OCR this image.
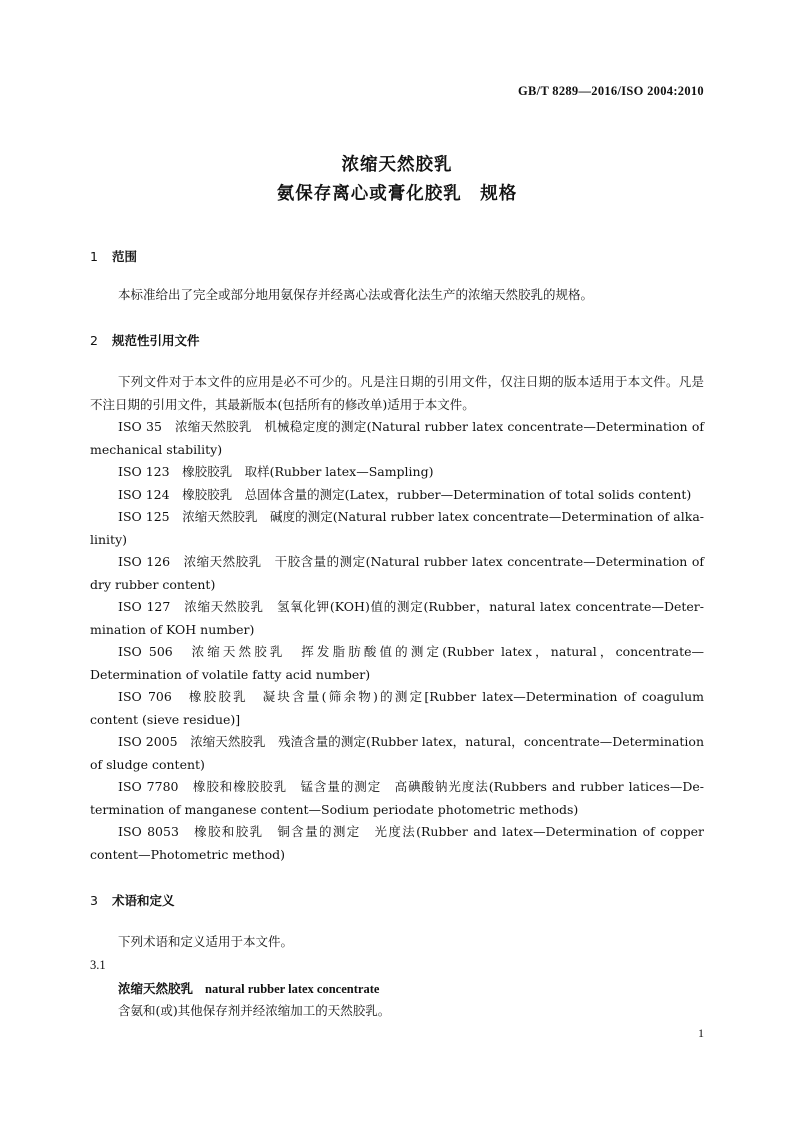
GB/T 8289—2016/ISO 2004:2010
浓缩天然胶乳
氨保存离心或膏化胶乳　规格
1 范围
本标准给出了完全或部分地用氨保存并经离心法或膏化法生产的浓缩天然胶乳的规格。
2 规范性引用文件
下列文件对于本文件的应用是必不可少的。凡是注日期的引用文件，仅注日期的版本适用于本文件。凡是不注日期的引用文件，其最新版本(包括所有的修改单)适用于本文件。
ISO 35　浓缩天然胶乳　机械稳定度的测定(Natural rubber latex concentrate—Determination of mechanical stability)
ISO 123　橡胶胶乳　取样(Rubber latex—Sampling)
ISO 124　橡胶胶乳　总固体含量的测定(Latex，rubber—Determination of total solids content)
ISO 125　浓缩天然胶乳　碱度的测定(Natural rubber latex concentrate—Determination of alka-linity)
ISO 126　浓缩天然胶乳　干胶含量的测定(Natural rubber latex concentrate—Determination of dry rubber content)
ISO 127　浓缩天然胶乳　氢氧化钾(KOH)值的测定(Rubber，natural latex concentrate—Deter-mination of KOH number)
ISO 506　浓缩天然胶乳　挥发脂肪酸值的测定(Rubber latex，natural，concentrate—Determination of volatile fatty acid number)
ISO 706　橡胶胶乳　凝块含量(筛余物)的测定[Rubber latex—Determination of coagulum content (sieve residue)]
ISO 2005　浓缩天然胶乳　残渣含量的测定(Rubber latex，natural，concentrate—Determination of sludge content)
ISO 7780　橡胶和橡胶胶乳　锰含量的测定　高碘酸钠光度法(Rubbers and rubber latices—De-termination of manganese content—Sodium periodate photometric methods)
ISO 8053　橡胶和胶乳　铜含量的测定　光度法(Rubber and latex—Determination of copper content—Photometric method)
3 术语和定义
下列术语和定义适用于本文件。
3.1
浓缩天然胶乳 natural rubber latex concentrate
含氨和(或)其他保存剂并经浓缩加工的天然胶乳。
1
